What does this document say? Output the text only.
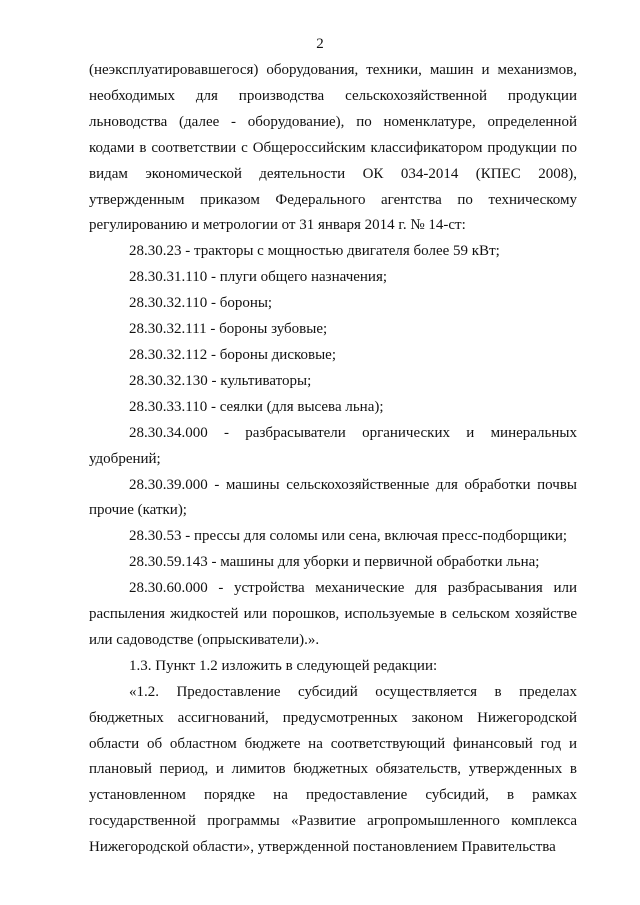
2

(неэксплуатировавшегося) оборудования, техники, машин и механизмов, необходимых для производства сельскохозяйственной продукции льноводства (далее - оборудование), по номенклатуре, определенной кодами в соответствии с Общероссийским классификатором продукции по видам экономической деятельности ОК 034-2014 (КПЕС 2008), утвержденным приказом Федерального агентства по техническому регулированию и метрологии от 31 января 2014 г. № 14-ст:

28.30.23 - тракторы с мощностью двигателя более 59 кВт;

28.30.31.110 - плуги общего назначения;

28.30.32.110 - бороны;

28.30.32.111 - бороны зубовые;

28.30.32.112 - бороны дисковые;

28.30.32.130 - культиваторы;

28.30.33.110 - сеялки (для высева льна);

28.30.34.000 - разбрасыватели органических и минеральных удобрений;

28.30.39.000 - машины сельскохозяйственные для обработки почвы прочие (катки);

28.30.53 - прессы для соломы или сена, включая пресс-подборщики;

28.30.59.143 - машины для уборки и первичной обработки льна;

28.30.60.000 - устройства механические для разбрасывания или распыления жидкостей или порошков, используемые в сельском хозяйстве или садоводстве (опрыскиватели).».

1.3. Пункт 1.2 изложить в следующей редакции:

«1.2. Предоставление субсидий осуществляется в пределах бюджетных ассигнований, предусмотренных законом Нижегородской области об областном бюджете на соответствующий финансовый год и плановый период, и лимитов бюджетных обязательств, утвержденных в установленном порядке на предоставление субсидий, в рамках государственной программы «Развитие агропромышленного комплекса Нижегородской области», утвержденной постановлением Правительства
